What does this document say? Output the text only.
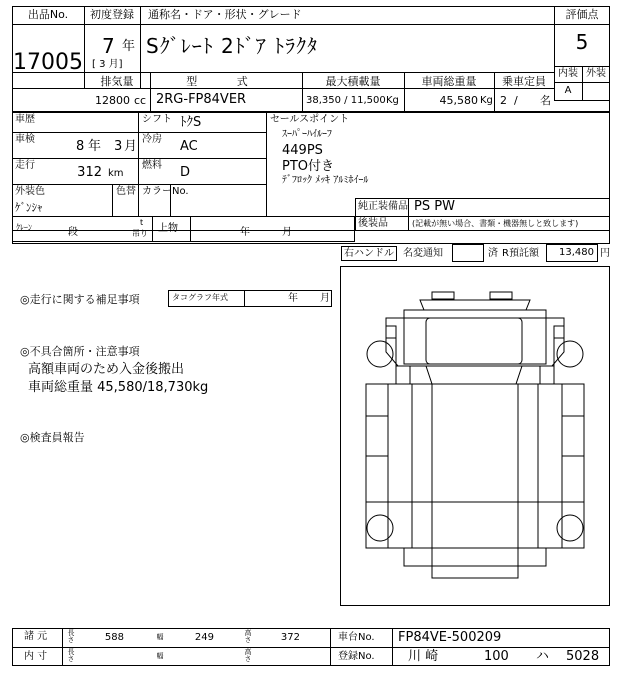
出品No.
17005
初度登録
7 年
[ 3 月]
通称名・ドア・形状・グレード
Sｸﾞﾚｰﾄ 2ﾄﾞｱ ﾄﾗｸﾀ
評価点
5
内装 外装
A
排気量	型 式	最大積載量	車両総重量	乗車定員
12800 cc 2RG-FP84VER	38,350 / 11,500 Kg	45,580 Kg 2 / 名
車歴	シフト ﾄｸS
車検	8 年 3 月 冷房 AC
走行	312 km
燃料 D
外装色
ｹﾞﾝｼｬ
色替 カラーNo.
セールスポイント
ｽｰﾊﾟｰﾊｲﾙｰﾌ
449PS
PTO付き
ﾃﾞﾌﾛｯｸ ﾒｯｷ ｱﾙﾐﾎｲｰﾙ
純正装備品 PS PW
後装品	(記載が無い場合、書類・機器無しと致します)
ｸﾚｰﾝ	段
t
吊り 上物	年	月
右ハンドル 名変通知	済 R預託額	13,480 円
◎走行に関する補足事項	タコグラフ年式	年 月
◎不具合箇所・注意事項
高額車両のため入金後搬出
車両総重量 45,580/18,730kg
◎検査員報告
諸 元	長さ	588	幅	249	高さ	372	車台No. FP84VE-500209
内 寸	長さ	幅	高さ	登録No.	川 崎	100 ハ 5028
